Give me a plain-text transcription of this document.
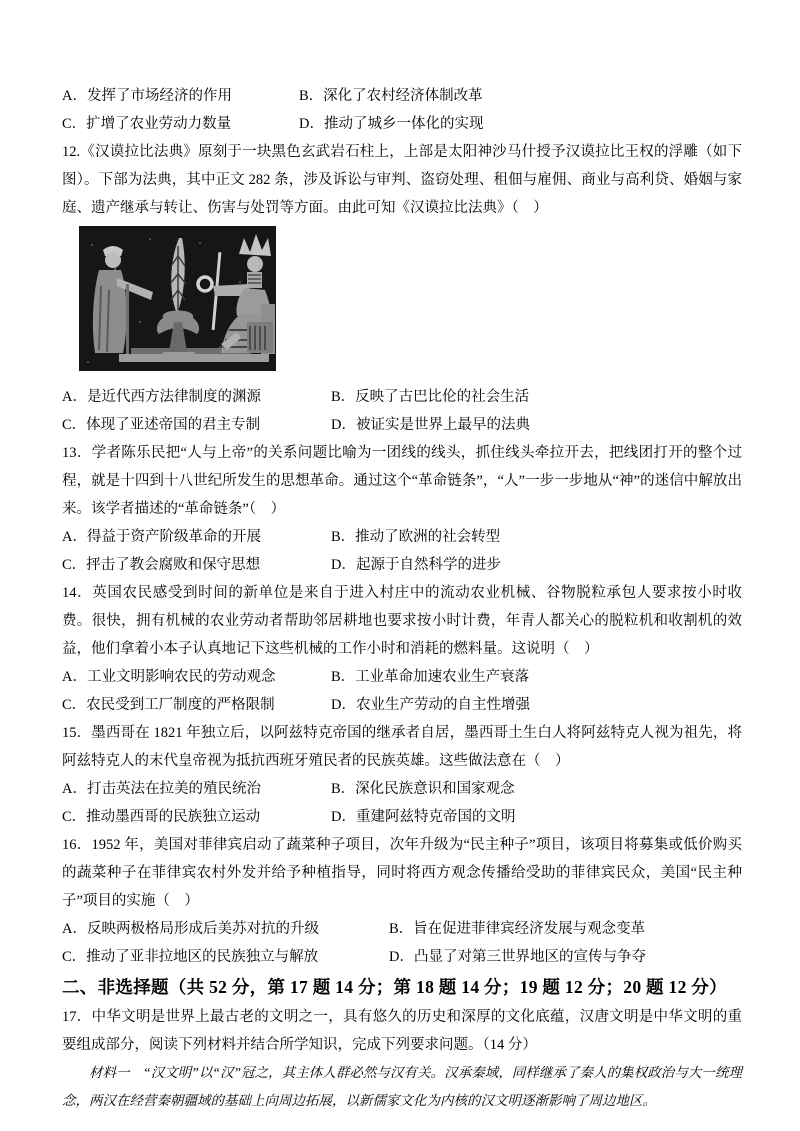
A．发挥了市场经济的作用	B．深化了农村经济体制改革
C．扩增了农业劳动力数量	D．推动了城乡一体化的实现

12.《汉谟拉比法典》原刻于一块黑色玄武岩石柱上，上部是太阳神沙马什授予汉谟拉比王权的浮雕（如下图）。下部为法典，其中正文 282 条，涉及诉讼与审判、盗窃处理、租佃与雇佣、商业与高利贷、婚姻与家庭、遗产继承与转让、伤害与处罚等方面。由此可知《汉谟拉比法典》（　）

A．是近代西方法律制度的渊源	B．反映了古巴比伦的社会生活
C．体现了亚述帝国的君主专制	D．被证实是世界上最早的法典

13．学者陈乐民把“人与上帝”的关系问题比喻为一团线的线头，抓住线头牵拉开去，把线团打开的整个过程，就是十四到十八世纪所发生的思想革命。通过这个“革命链条”，“人”一步一步地从“神”的迷信中解放出来。该学者描述的“革命链条”（　）

A．得益于资产阶级革命的开展	B．推动了欧洲的社会转型
C．抨击了教会腐败和保守思想	D．起源于自然科学的进步

14．英国农民感受到时间的新单位是来自于进入村庄中的流动农业机械、谷物脱粒承包人要求按小时收费。很快，拥有机械的农业劳动者帮助邻居耕地也要求按小时计费，年青人都关心的脱粒机和收割机的效益，他们拿着小本子认真地记下这些机械的工作小时和消耗的燃料量。这说明（　）

A．工业文明影响农民的劳动观念	B．工业革命加速农业生产衰落
C．农民受到工厂制度的严格限制	D．农业生产劳动的自主性增强

15．墨西哥在 1821 年独立后，以阿兹特克帝国的继承者自居，墨西哥土生白人将阿兹特克人视为祖先，将阿兹特克人的末代皇帝视为抵抗西班牙殖民者的民族英雄。这些做法意在（　）

A．打击英法在拉美的殖民统治	B．深化民族意识和国家观念
C．推动墨西哥的民族独立运动	D．重建阿兹特克帝国的文明

16．1952 年，美国对菲律宾启动了蔬菜种子项目，次年升级为“民主种子”项目，该项目将募集或低价购买的蔬菜种子在菲律宾农村外发并给予种植指导，同时将西方观念传播给受助的菲律宾民众，美国“民主种子”项目的实施（　）

A．反映两极格局形成后美苏对抗的升级	B．旨在促进菲律宾经济发展与观念变革
C．推动了亚非拉地区的民族独立与解放	D．凸显了对第三世界地区的宣传与争夺
二、非选择题（共 52 分，第 17 题 14 分；第 18 题 14 分；19 题 12 分；20 题 12 分）

17．中华文明是世界上最古老的文明之一，具有悠久的历史和深厚的文化底蕴，汉唐文明是中华文明的重要组成部分，阅读下列材料并结合所学知识，完成下列要求问题。（14 分）

材料一　“汉文明”以“汉”冠之，其主体人群必然与汉有关。汉承秦域，同样继承了秦人的集权政治与大一统理念，两汉在经营秦朝疆域的基础上向周边拓展，以新儒家文化为内核的汉文明逐渐影响了周边地区。
